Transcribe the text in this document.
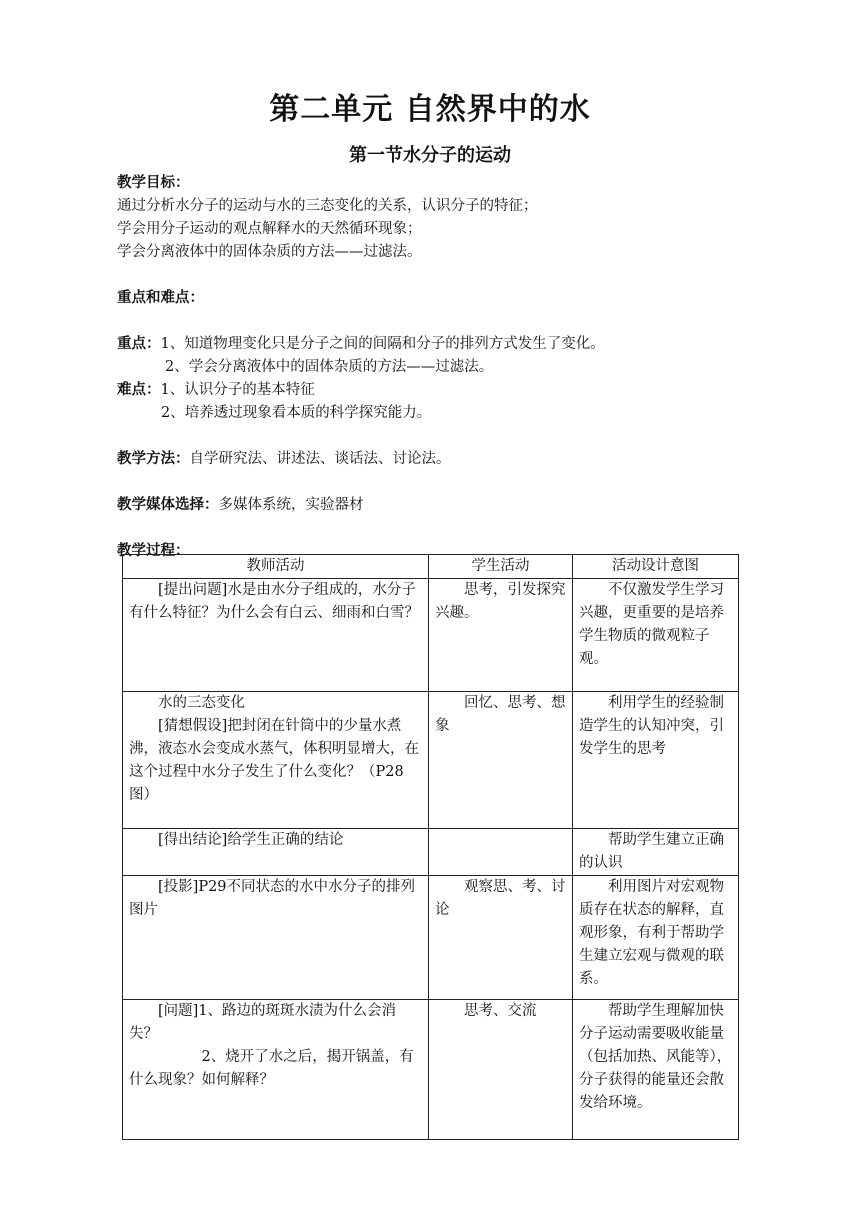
第二单元 自然界中的水
第一节水分子的运动
教学目标：
通过分析水分子的运动与水的三态变化的关系，认识分子的特征；
学会用分子运动的观点解释水的天然循环现象；
学会分离液体中的固体杂质的方法——过滤法。
重点和难点：
重点：1、知道物理变化只是分子之间的间隔和分子的排列方式发生了变化。
2、学会分离液体中的固体杂质的方法——过滤法。
难点：1、认识分子的基本特征
2、培养透过现象看本质的科学探究能力。
教学方法：自学研究法、讲述法、谈话法、讨论法。
教学媒体选择：多媒体系统，实验器材
教学过程：
教师活动	学生活动	活动设计意图

[提出问题]水是由水分子组成的，水分子有什么特征？为什么会有白云、细雨和白雪？	思考，引发探究兴趣。	不仅激发学生学习兴趣，更重要的是培养学生物质的微观粒子观。

水的三态变化
[猜想假设]把封闭在针筒中的少量水煮沸，液态水会变成水蒸气，体积明显增大，在这个过程中水分子发生了什么变化？（P28图）	回忆、思考、想象	利用学生的经验制造学生的认知冲突，引发学生的思考

[得出结论]给学生正确的结论		帮助学生建立正确的认识

[投影]P29不同状态的水中水分子的排列图片	观察思、考、讨论	利用图片对宏观物质存在状态的解释，直观形象，有利于帮助学生建立宏观与微观的联系。

[问题]1、路边的斑斑水渍为什么会消失？
2、烧开了水之后，揭开锅盖，有什么现象？如何解释？	思考、交流	帮助学生理解加快分子运动需要吸收能量（包括加热、风能等），分子获得的能量还会散发给环境。
